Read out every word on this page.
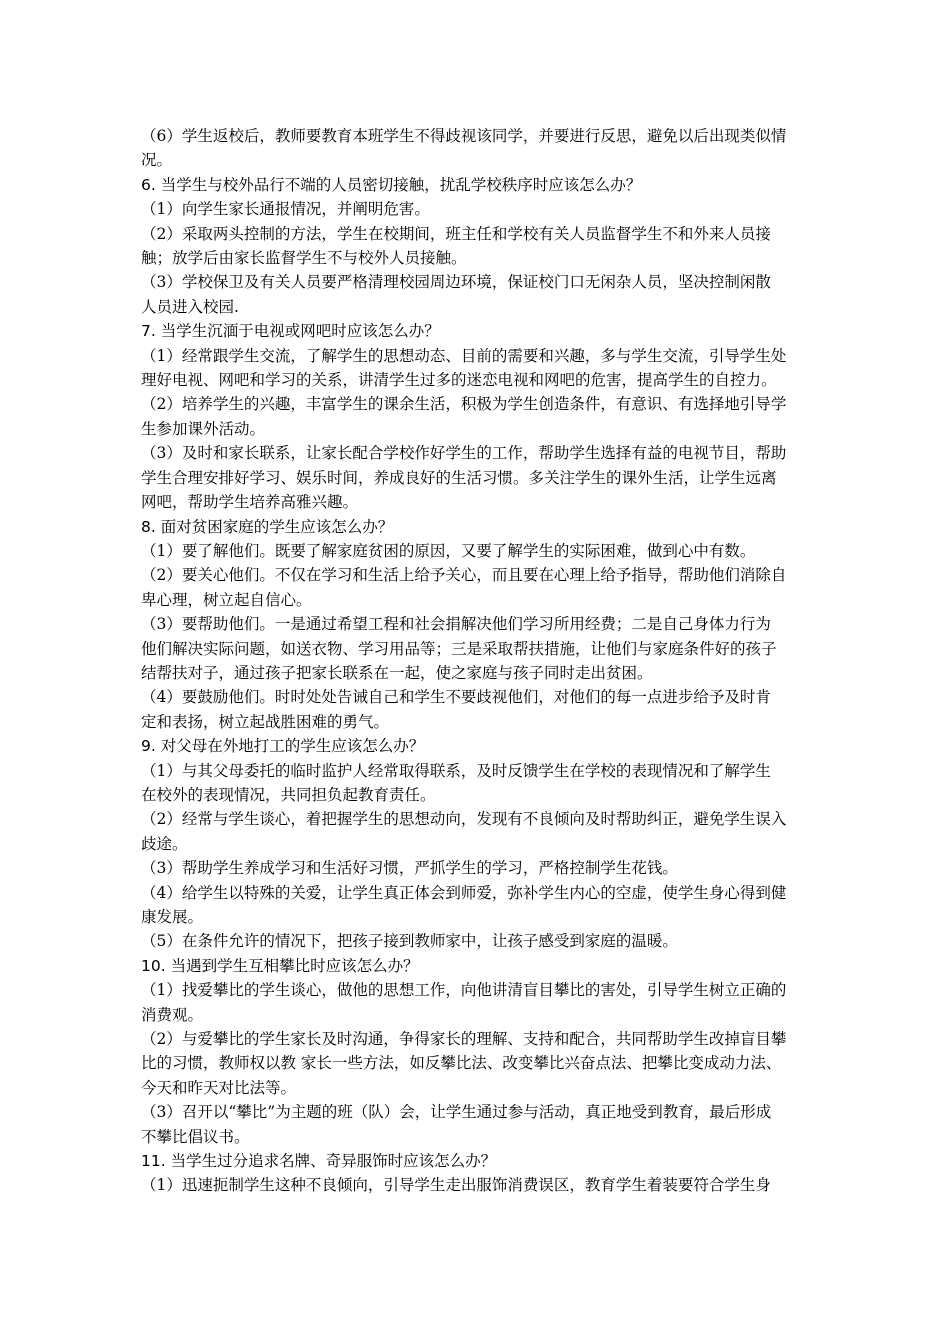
（6）学生返校后，教师要教育本班学生不得歧视该同学，并要进行反思，避免以后出现类似情

况。

6. 当学生与校外品行不端的人员密切接触，扰乱学校秩序时应该怎么办？

（1）向学生家长通报情况，并阐明危害。

（2）采取两头控制的方法，学生在校期间，班主任和学校有关人员监督学生不和外来人员接

触；放学后由家长监督学生不与校外人员接触。

（3）学校保卫及有关人员要严格清理校园周边环境，保证校门口无闲杂人员，坚决控制闲散

人员进入校园.

7. 当学生沉湎于电视或网吧时应该怎么办？

（1）经常跟学生交流，了解学生的思想动态、目前的需要和兴趣，多与学生交流，引导学生处

理好电视、网吧和学习的关系，讲清学生过多的迷恋电视和网吧的危害，提高学生的自控力。

（2）培养学生的兴趣，丰富学生的课余生活，积极为学生创造条件，有意识、有选择地引导学

生参加课外活动。

（3）及时和家长联系，让家长配合学校作好学生的工作，帮助学生选择有益的电视节目，帮助

学生合理安排好学习、娱乐时间，养成良好的生活习惯。多关注学生的课外生活，让学生远离

网吧，帮助学生培养高雅兴趣。

8. 面对贫困家庭的学生应该怎么办？

（1）要了解他们。既要了解家庭贫困的原因，又要了解学生的实际困难，做到心中有数。

（2）要关心他们。不仅在学习和生活上给予关心，而且要在心理上给予指导，帮助他们消除自

卑心理，树立起自信心。

（3）要帮助他们。一是通过希望工程和社会捐解决他们学习所用经费；二是自己身体力行为

他们解决实际问题，如送衣物、学习用品等；三是采取帮扶措施，让他们与家庭条件好的孩子

结帮扶对子，通过孩子把家长联系在一起，使之家庭与孩子同时走出贫困。

（4）要鼓励他们。时时处处告诫自己和学生不要歧视他们，对他们的每一点进步给予及时肯

定和表扬，树立起战胜困难的勇气。

9. 对父母在外地打工的学生应该怎么办？

（1）与其父母委托的临时监护人经常取得联系，及时反馈学生在学校的表现情况和了解学生

在校外的表现情况，共同担负起教育责任。

（2）经常与学生谈心，着把握学生的思想动向，发现有不良倾向及时帮助纠正，避免学生误入

歧途。

（3）帮助学生养成学习和生活好习惯，严抓学生的学习，严格控制学生花钱。

（4）给学生以特殊的关爱，让学生真正体会到师爱，弥补学生内心的空虚，使学生身心得到健

康发展。

（5）在条件允许的情况下，把孩子接到教师家中，让孩子感受到家庭的温暖。

10. 当遇到学生互相攀比时应该怎么办？

（1）找爱攀比的学生谈心，做他的思想工作，向他讲清盲目攀比的害处，引导学生树立正确的

消费观。

（2）与爱攀比的学生家长及时沟通，争得家长的理解、支持和配合，共同帮助学生改掉盲目攀

比的习惯，教师权以教 家长一些方法，如反攀比法、改变攀比兴奋点法、把攀比变成动力法、

今天和昨天对比法等。

（3）召开以“攀比”为主题的班（队）会，让学生通过参与活动，真正地受到教育，最后形成

不攀比倡议书。

11. 当学生过分追求名牌、奇异服饰时应该怎么办？

（1）迅速扼制学生这种不良倾向，引导学生走出服饰消费误区，教育学生着装要符合学生身
